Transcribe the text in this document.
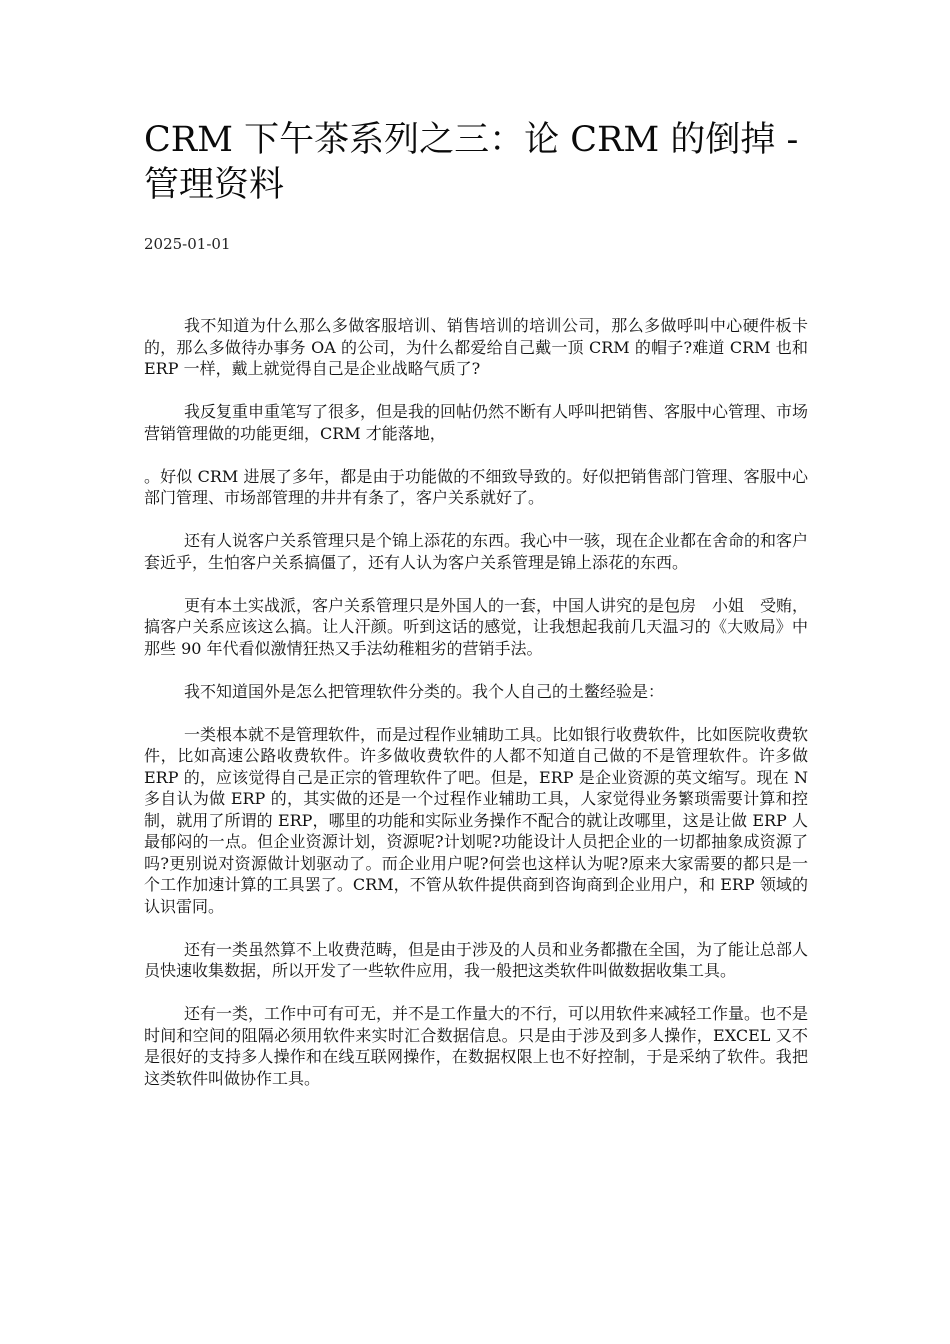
CRM 下午茶系列之三：论 CRM 的倒掉 - 管理资料
2025-01-01

我不知道为什么那么多做客服培训、销售培训的培训公司，那么多做呼叫中心硬件板卡的，那么多做待办事务 OA 的公司，为什么都爱给自己戴一顶 CRM 的帽子?难道 CRM 也和 ERP 一样，戴上就觉得自己是企业战略气质了?

我反复重申重笔写了很多，但是我的回帖仍然不断有人呼叫把销售、客服中心管理、市场营销管理做的功能更细，CRM 才能落地，

。好似 CRM 进展了多年，都是由于功能做的不细致导致的。好似把销售部门管理、客服中心部门管理、市场部管理的井井有条了，客户关系就好了。

还有人说客户关系管理只是个锦上添花的东西。我心中一骇，现在企业都在舍命的和客户套近乎，生怕客户关系搞僵了，还有人认为客户关系管理是锦上添花的东西。

更有本土实战派，客户关系管理只是外国人的一套，中国人讲究的是包房　小姐　受贿，搞客户关系应该这么搞。让人汗颜。听到这话的感觉，让我想起我前几天温习的《大败局》中那些 90 年代看似激情狂热又手法幼稚粗劣的营销手法。

我不知道国外是怎么把管理软件分类的。我个人自己的土鳖经验是：

一类根本就不是管理软件，而是过程作业辅助工具。比如银行收费软件，比如医院收费软件，比如高速公路收费软件。许多做收费软件的人都不知道自己做的不是管理软件。许多做 ERP 的，应该觉得自己是正宗的管理软件了吧。但是，ERP 是企业资源的英文缩写。现在 N 多自认为做 ERP 的，其实做的还是一个过程作业辅助工具，人家觉得业务繁琐需要计算和控制，就用了所谓的 ERP，哪里的功能和实际业务操作不配合的就让改哪里，这是让做 ERP 人最郁闷的一点。但企业资源计划，资源呢?计划呢?功能设计人员把企业的一切都抽象成资源了吗?更别说对资源做计划驱动了。而企业用户呢?何尝也这样认为呢?原来大家需要的都只是一个工作加速计算的工具罢了。CRM，不管从软件提供商到咨询商到企业用户，和 ERP 领域的认识雷同。

还有一类虽然算不上收费范畴，但是由于涉及的人员和业务都撒在全国，为了能让总部人员快速收集数据，所以开发了一些软件应用，我一般把这类软件叫做数据收集工具。

还有一类，工作中可有可无，并不是工作量大的不行，可以用软件来减轻工作量。也不是时间和空间的阻隔必须用软件来实时汇合数据信息。只是由于涉及到多人操作，EXCEL 又不是很好的支持多人操作和在线互联网操作，在数据权限上也不好控制，于是采纳了软件。我把这类软件叫做协作工具。
